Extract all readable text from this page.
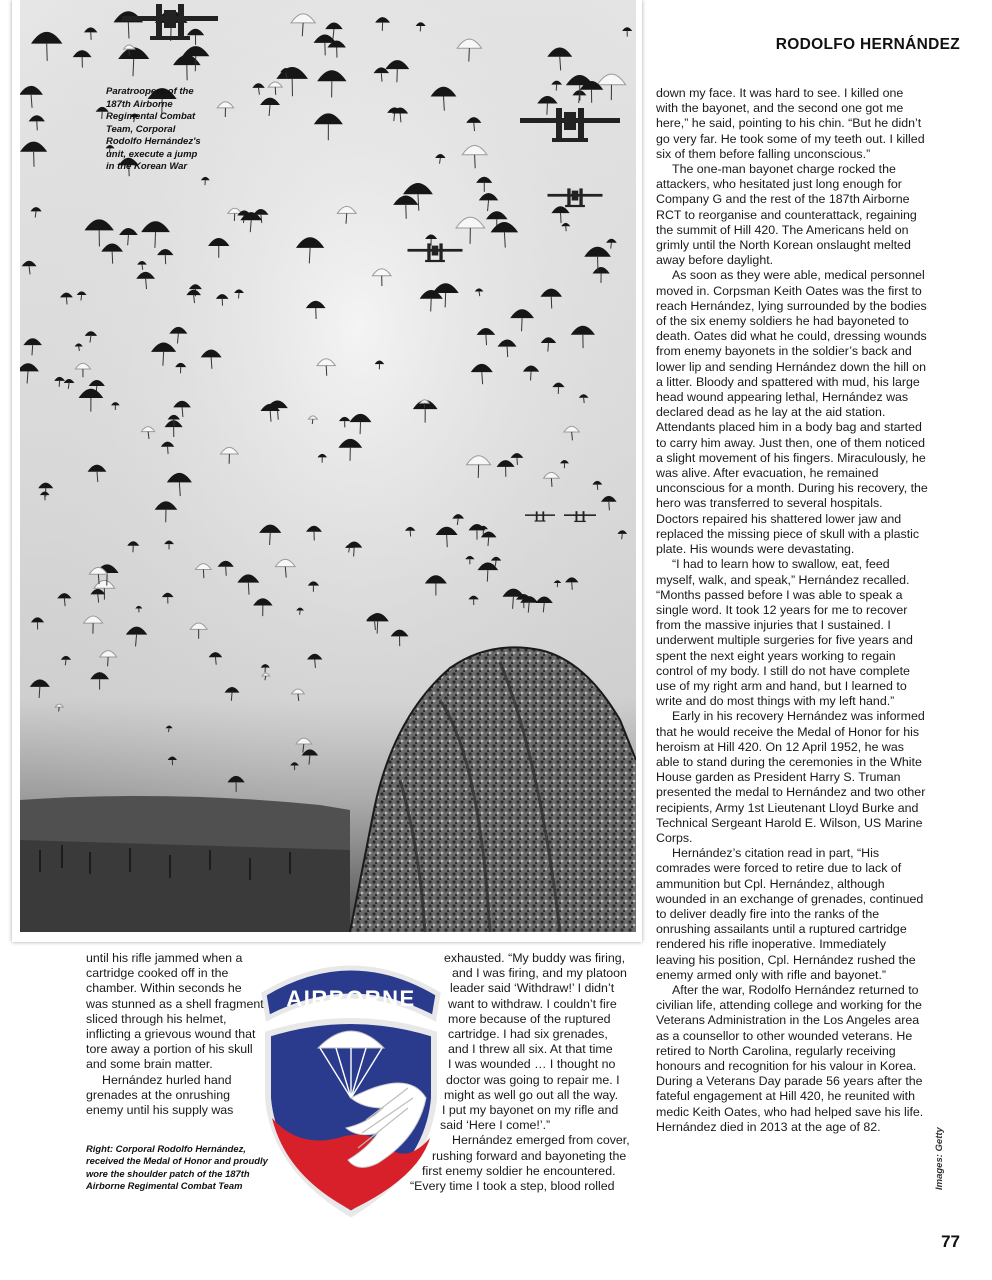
RODOLFO HERNÁNDEZ
Paratroopers of the 187th Airborne Regimental Combat Team, Corporal Rodolfo Hernández's unit, execute a jump in the Korean War

down my face. It was hard to see. I killed one with the bayonet, and the second one got me here,” he said, pointing to his chin. “But he didn’t go very far. He took some of my teeth out. I killed six of them before falling unconscious.”

The one-man bayonet charge rocked the attackers, who hesitated just long enough for Company G and the rest of the 187th Airborne RCT to reorganise and counterattack, regaining the summit of Hill 420. The Americans held on grimly until the North Korean onslaught melted away before daylight.

As soon as they were able, medical personnel moved in. Corpsman Keith Oates was the first to reach Hernández, lying surrounded by the bodies of the six enemy soldiers he had bayoneted to death. Oates did what he could, dressing wounds from enemy bayonets in the soldier’s back and lower lip and sending Hernández down the hill on a litter. Bloody and spattered with mud, his large head wound appearing lethal, Hernández was declared dead as he lay at the aid station. Attendants placed him in a body bag and started to carry him away. Just then, one of them noticed a slight movement of his fingers. Miraculously, he was alive. After evacuation, he remained unconscious for a month. During his recovery, the hero was transferred to several hospitals. Doctors repaired his shattered lower jaw and replaced the missing piece of skull with a plastic plate. His wounds were devastating.

“I had to learn how to swallow, eat, feed myself, walk, and speak,” Hernández recalled. “Months passed before I was able to speak a single word. It took 12 years for me to recover from the massive injuries that I sustained. I underwent multiple surgeries for five years and spent the next eight years working to regain control of my body. I still do not have complete use of my right arm and hand, but I learned to write and do most things with my left hand.”

Early in his recovery Hernández was informed that he would receive the Medal of Honor for his heroism at Hill 420. On 12 April 1952, he was able to stand during the ceremonies in the White House garden as President Harry S. Truman presented the medal to Hernández and two other recipients, Army 1st Lieutenant Lloyd Burke and Technical Sergeant Harold E. Wilson, US Marine Corps.

Hernández’s citation read in part, “His comrades were forced to retire due to lack of ammunition but Cpl. Hernández, although wounded in an exchange of grenades, continued to deliver deadly fire into the ranks of the onrushing assailants until a ruptured cartridge rendered his rifle inoperative. Immediately leaving his position, Cpl. Hernández rushed the enemy armed only with rifle and bayonet.”

After the war, Rodolfo Hernández returned to civilian life, attending college and working for the Veterans Administration in the Los Angeles area as a counsellor to other wounded veterans. He retired to North Carolina, regularly receiving honours and recognition for his valour in Korea. During a Veterans Day parade 56 years after the fateful engagement at Hill 420, he reunited with medic Keith Oates, who had helped save his life. Hernández died in 2013 at the age of 82.

until his rifle jammed when a cartridge cooked off in the chamber. Within seconds he was stunned as a shell fragment sliced through his helmet, inflicting a grievous wound that tore away a portion of his skull and some brain matter.

Hernández hurled hand grenades at the onrushing enemy until his supply was

Right: Corporal Rodolfo Hernández, received the Medal of Honor and proudly wore the shoulder patch of the 187th Airborne Regimental Combat Team
AIRBORNE
exhausted. “My buddy was firing,
and I was firing, and my platoon
leader said ‘Withdraw!’ I didn’t
want to withdraw. I couldn’t fire
more because of the ruptured
cartridge. I had six grenades,
and I threw all six. At that time
I was wounded … I thought no
doctor was going to repair me. I
might as well go out all the way.
I put my bayonet on my rifle and
said ‘Here I come!’.”
Hernández emerged from cover,
rushing forward and bayoneting the
first enemy soldier he encountered.
“Every time I took a step, blood rolled	Images: Getty
77
